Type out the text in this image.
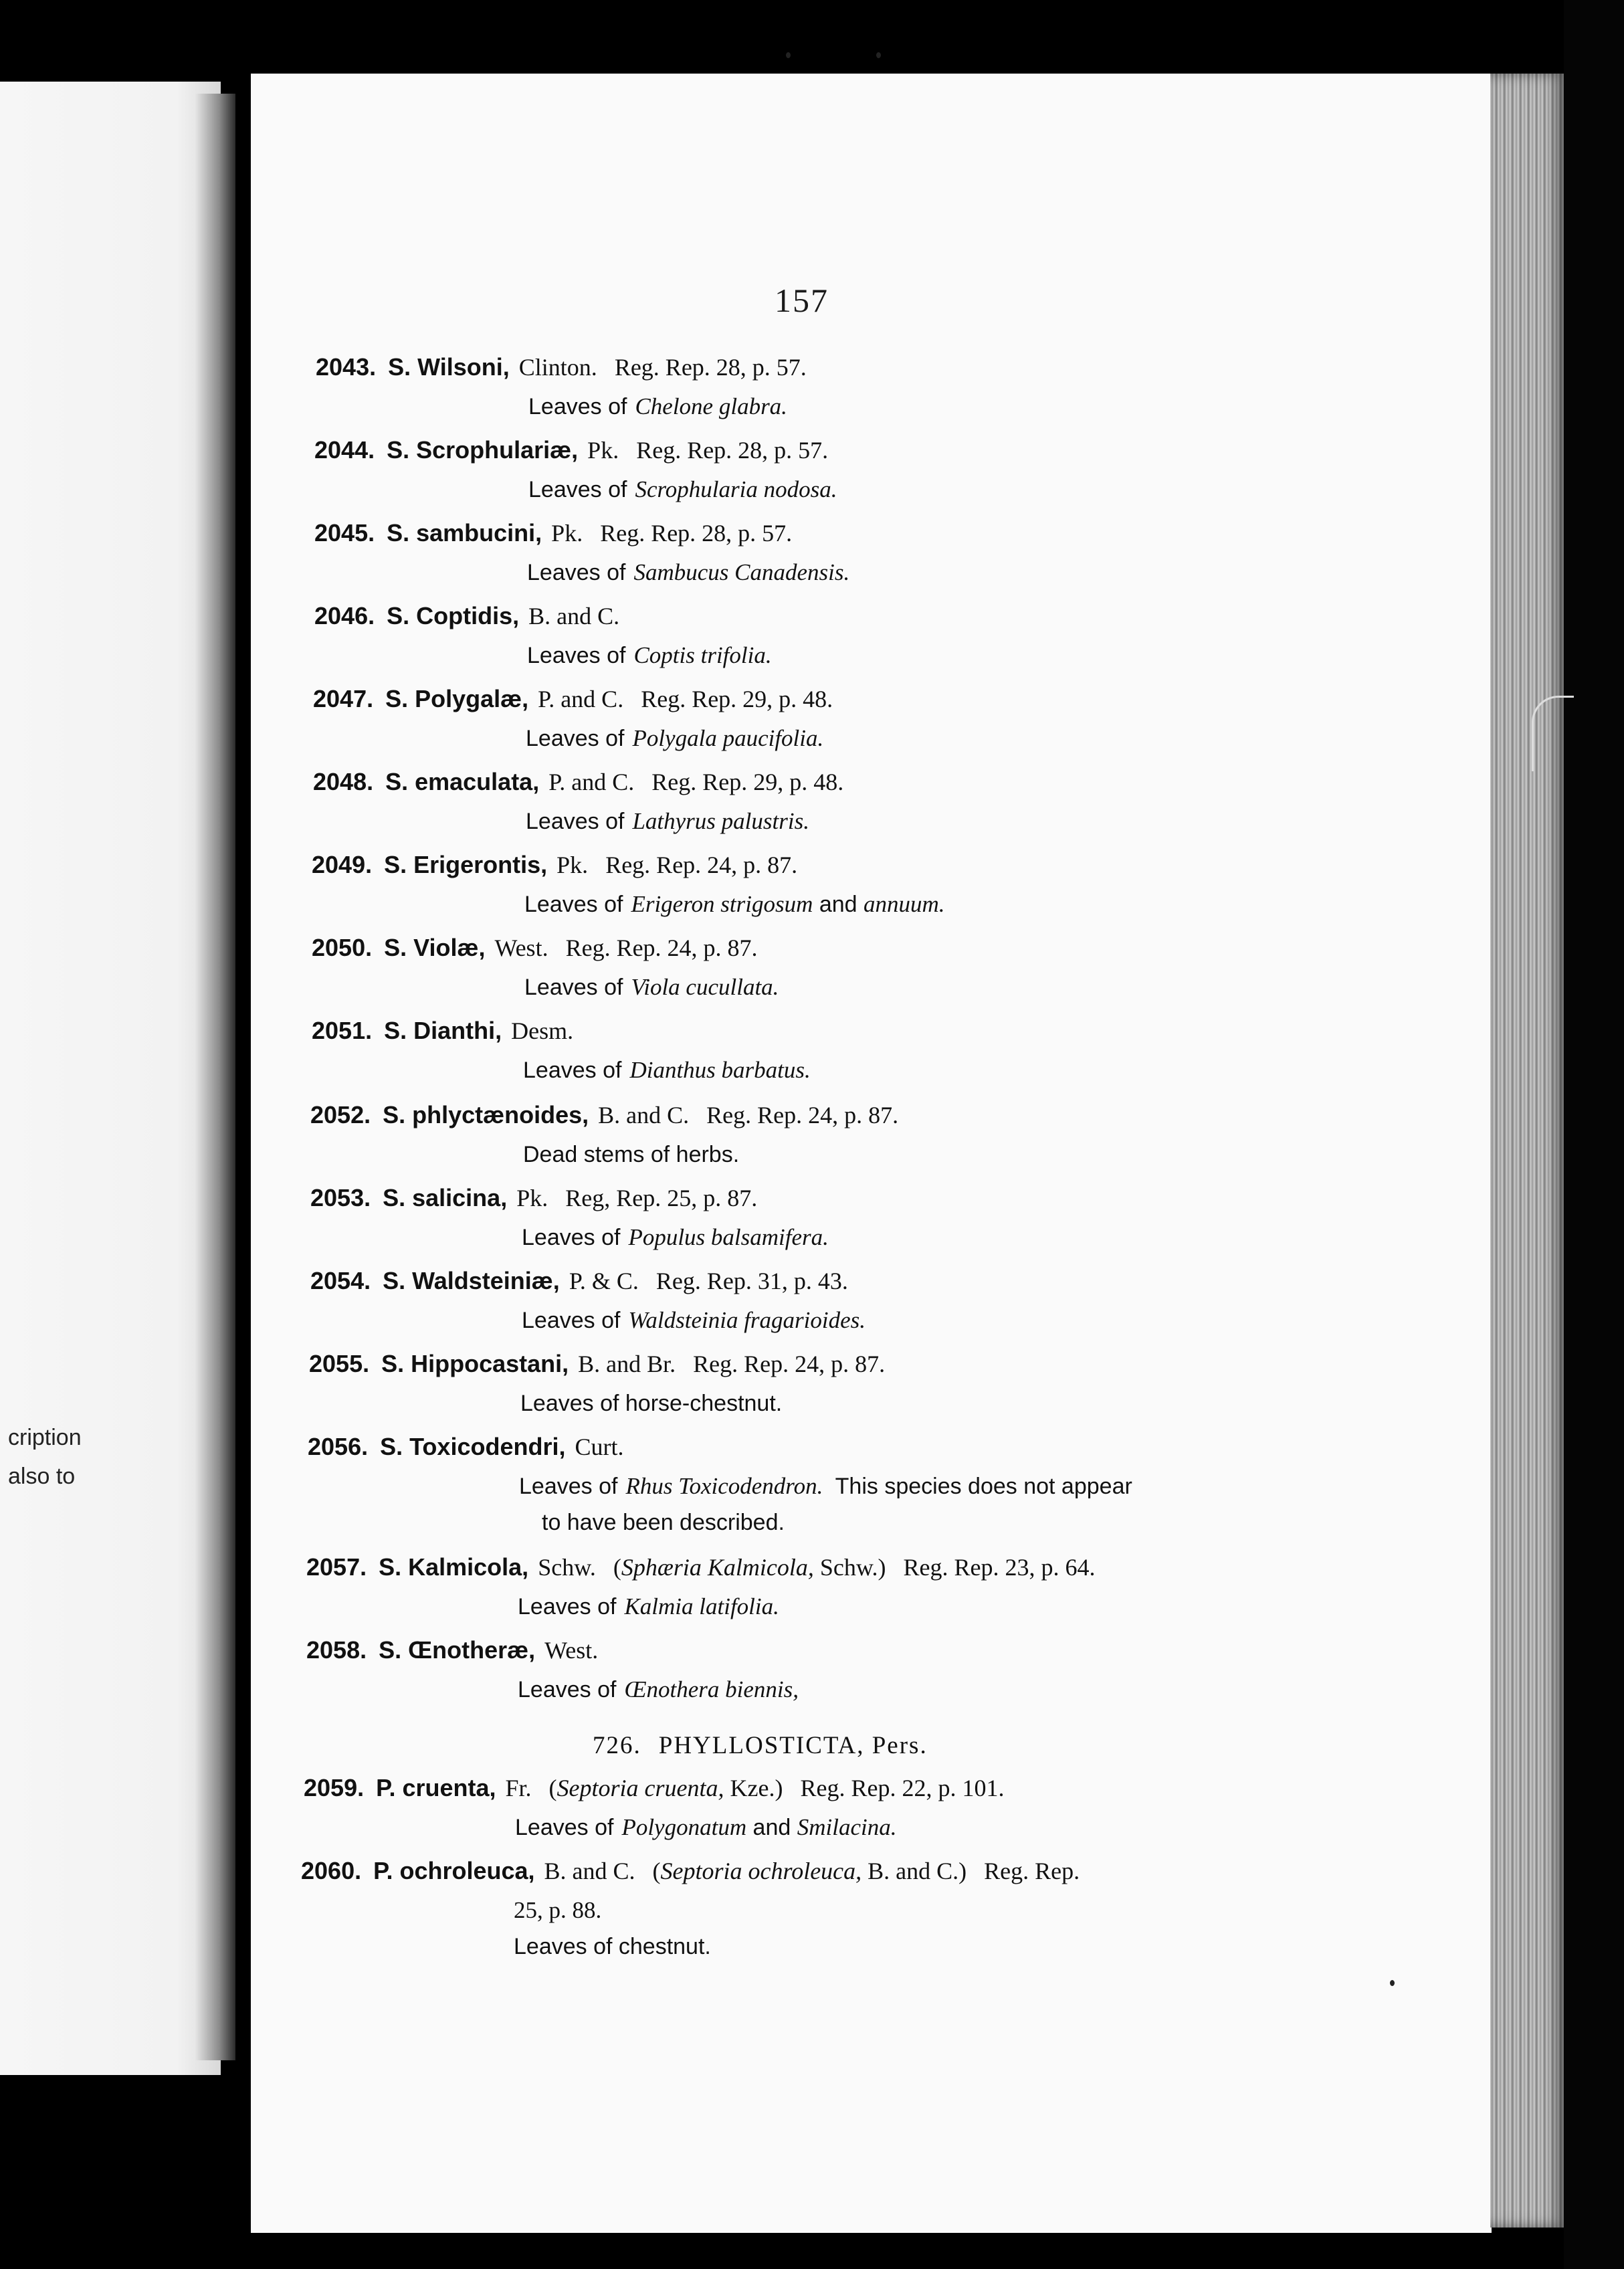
cription
also to
157
2043. S. Wilsoni, Clinton. Reg. Rep. 28, p. 57.
Leaves of Chelone glabra.
2044. S. Scrophulariæ, Pk. Reg. Rep. 28, p. 57.
Leaves of Scrophularia nodosa.
2045. S. sambucini, Pk. Reg. Rep. 28, p. 57.
Leaves of Sambucus Canadensis.
2046. S. Coptidis, B. and C.
Leaves of Coptis trifolia.
2047. S. Polygalæ, P. and C. Reg. Rep. 29, p. 48.
Leaves of Polygala paucifolia.
2048. S. emaculata, P. and C. Reg. Rep. 29, p. 48.
Leaves of Lathyrus palustris.
2049. S. Erigerontis, Pk. Reg. Rep. 24, p. 87.
Leaves of Erigeron strigosum and annuum.
2050. S. Violæ, West. Reg. Rep. 24, p. 87.
Leaves of Viola cucullata.
2051. S. Dianthi, Desm.
Leaves of Dianthus barbatus.
2052. S. phlyctænoides, B. and C. Reg. Rep. 24, p. 87.
Dead stems of herbs.
2053. S. salicina, Pk. Reg, Rep. 25, p. 87.
Leaves of Populus balsamifera.
2054. S. Waldsteiniæ, P. & C. Reg. Rep. 31, p. 43.
Leaves of Waldsteinia fragarioides.
2055. S. Hippocastani, B. and Br. Reg. Rep. 24, p. 87.
Leaves of horse-chestnut.
2056. S. Toxicodendri, Curt.
Leaves of Rhus Toxicodendron.  This species does not appear
to have been described.
2057. S. Kalmicola, Schw. (Sphæria Kalmicola, Schw.) Reg. Rep. 23, p. 64.
Leaves of Kalmia latifolia.
2058. S. Œnotheræ, West.
Leaves of Œnothera biennis,
726. PHYLLOSTICTA, Pers.
2059. P. cruenta, Fr. (Septoria cruenta, Kze.) Reg. Rep. 22, p. 101.
Leaves of Polygonatum and Smilacina.
2060. P. ochroleuca, B. and C. (Septoria ochroleuca, B. and C.) Reg. Rep.
25, p. 88.
Leaves of chestnut.
